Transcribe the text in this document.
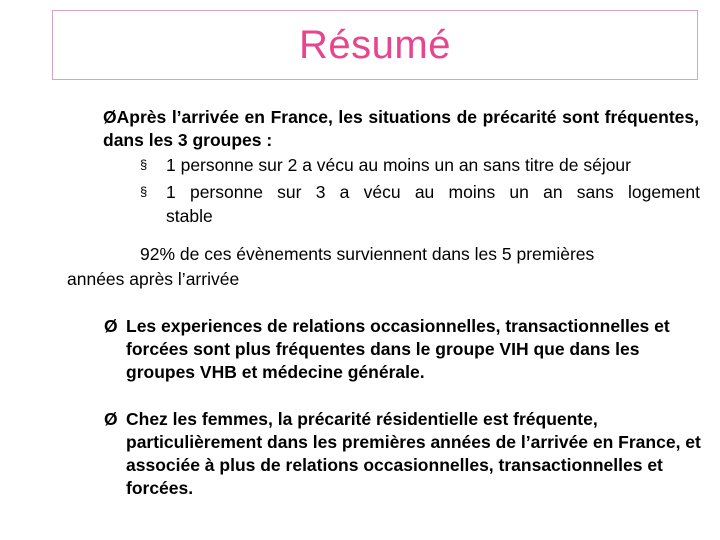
Résumé
ØAprès l’arrivée en France, les situations de précarité sont fréquentes, dans les 3 groupes :
§ 1 personne sur 2 a vécu au moins un an sans titre de séjour
§ 1 personne sur 3 a vécu au moins un an sans logement
stable
92% de ces évènements surviennent dans les 5 premières
années après l’arrivée
Ø Les experiences de relations occasionnelles, transactionnelles et forcées sont plus fréquentes dans le groupe VIH que dans les groupes VHB et médecine générale.
Ø Chez les femmes, la précarité résidentielle est fréquente, particulièrement dans les premières années de l’arrivée en France, et associée à plus de relations occasionnelles, transactionnelles et forcées.
